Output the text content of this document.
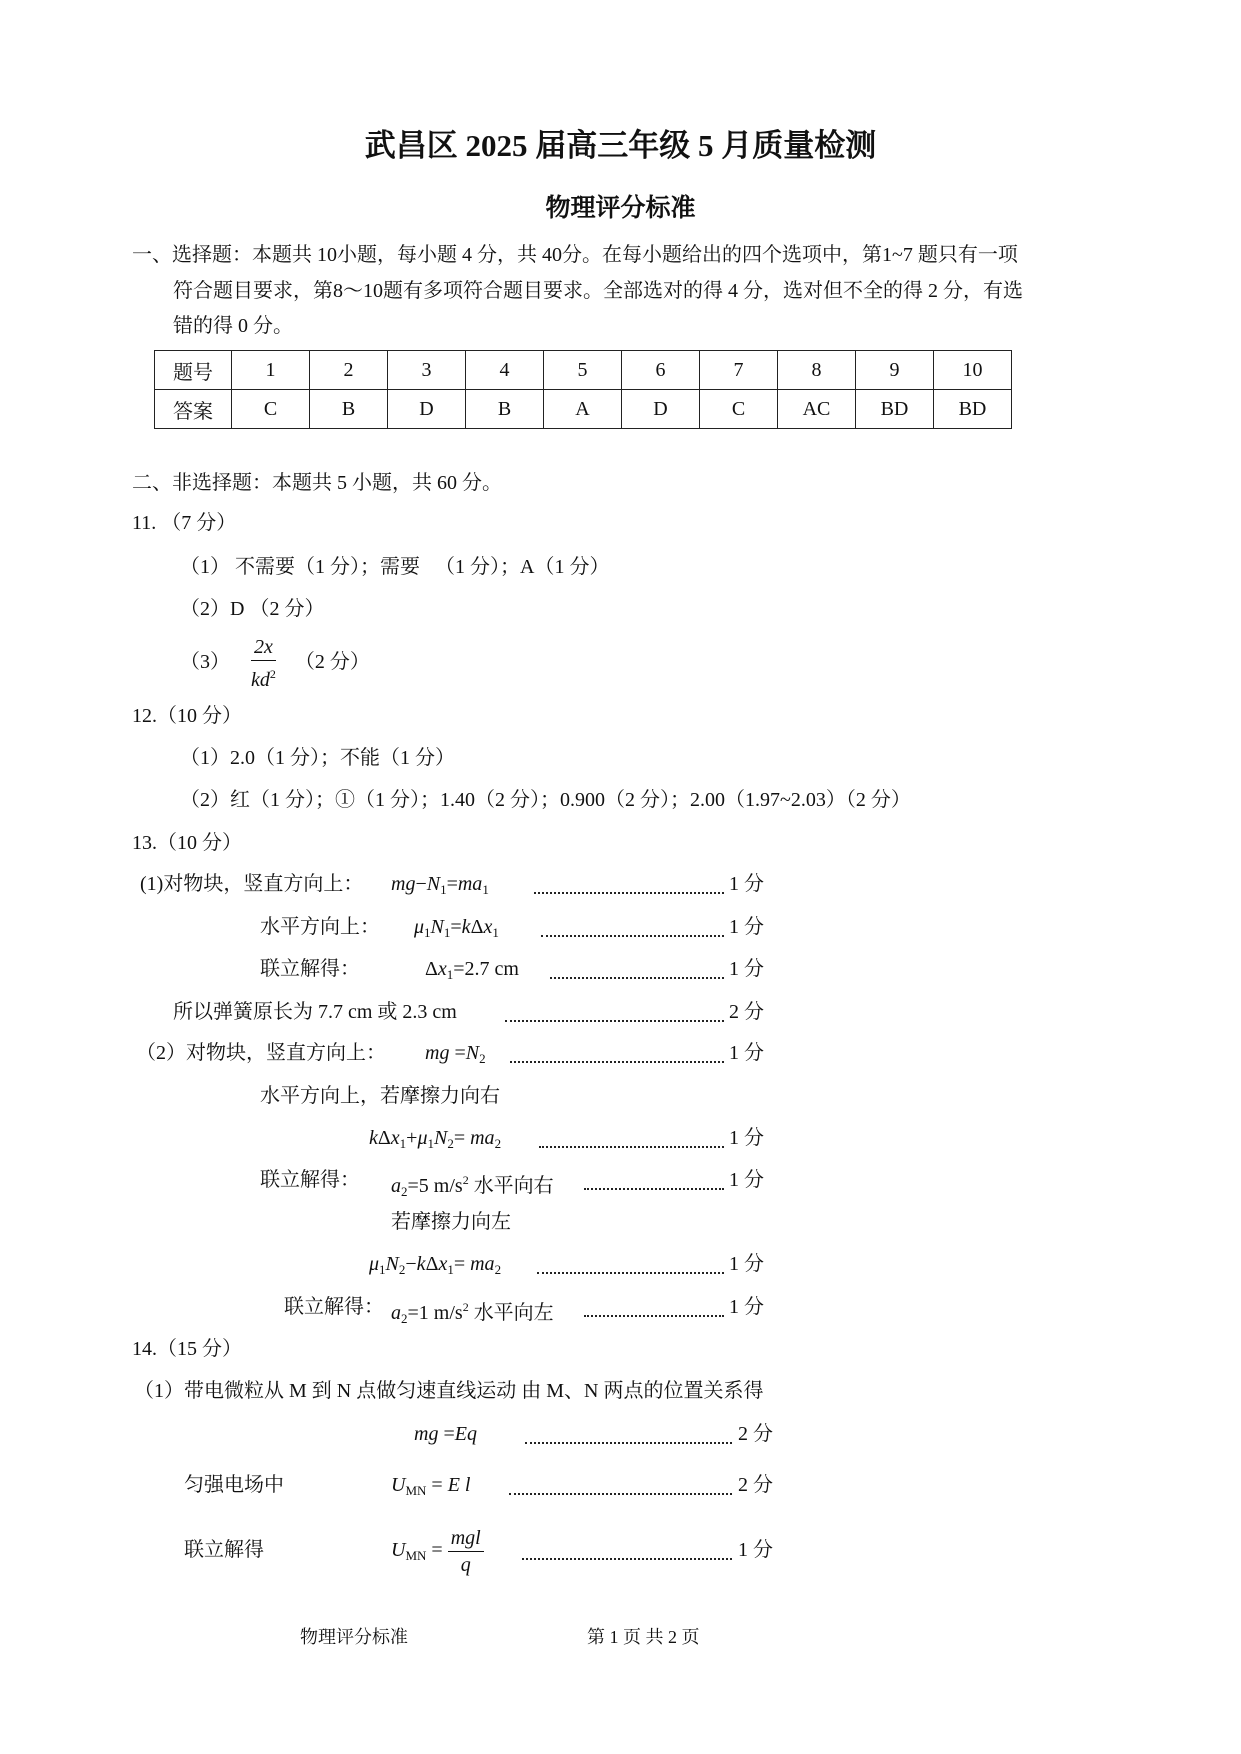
武昌区 2025 届高三年级 5 月质量检测
物理评分标准
一、选择题：本题共 10小题，每小题 4 分，共 40分。在每小题给出的四个选项中，第1~7 题只有一项
符合题目要求，第8～10题有多项符合题目要求。全部选对的得 4 分，选对但不全的得 2 分，有选
错的得 0 分。
题号	1	2	3	4	5	6	7	8	9	10
答案	C	B	D	B	A	D	C	AC	BD	BD
二、非选择题：本题共 5 小题，共 60 分。
11. （7 分）
（1） 不需要（1 分）；需要 　（1 分）；A（1 分）
（2）D （2 分）
$(3) \frac{2x}{kd^2} (2$ 分）
12.（10 分）
（1）2.0（1 分）；不能（1 分）
（2）红（1 分）；①（1 分）；1.40（2 分）；0.900（2 分）；2.00（1.97~2.03）（2 分）
13.（10 分）
14.（15 分）
（1）带电微粒从 M 到 N 点做匀速直线运动 由 M、N 两点的位置关系得
物理评分标准	第 1 页 共 2 页
(1)对物块，竖直方向上： $mg-N_1=ma_1$	1 分
水平方向上： $\mu_1N_1=k\Delta x_1$	1 分
联立解得：	$\Delta x_1=2.7$ cm	1 分
所以弹簧原长为 7.7 cm 或 2.3 cm	2 分
（2）对物块，竖直方向上： mg $=N_2$	1 分
水平方向上，若摩擦力向右
$k\Delta x_1+\mu_1N_2= ma_2$	1 分
联立解得： $a_2=5$ $m/s^2$ 水平向右	1 分
若摩擦力向左
$\mu_1N_2-k\Delta x_1= ma_2$	1 分
联立解得： $a_2=1$ $m/s^2$ 水平向左	1 分
mg =Eq	2 分
匀强电场中	$U_{MN} = E$ l	2 分
联立解得	$U_{MN} = \frac{\text{mgl}}{q}$	1 分
